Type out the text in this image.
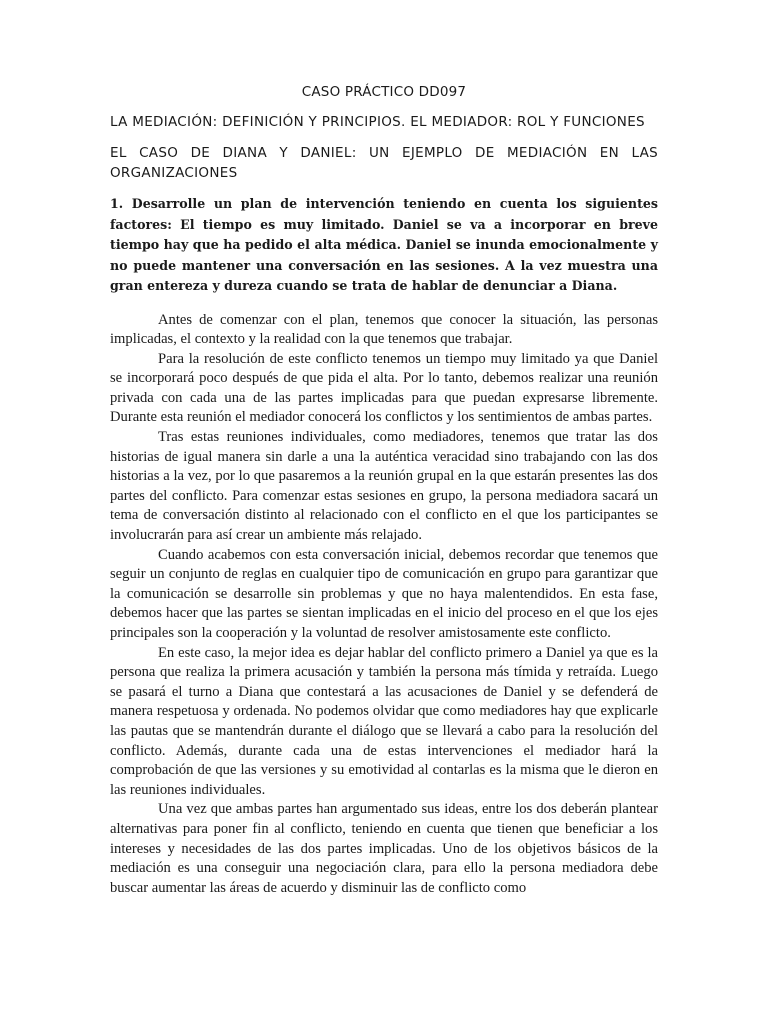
CASO PRÁCTICO DD097

LA MEDIACIÓN: DEFINICIÓN Y PRINCIPIOS. EL MEDIADOR: ROL Y FUNCIONES

EL CASO DE DIANA Y DANIEL: UN EJEMPLO DE MEDIACIÓN EN LAS ORGANIZACIONES

1. Desarrolle un plan de intervención teniendo en cuenta los siguientes factores: El tiempo es muy limitado. Daniel se va a incorporar en breve tiempo hay que ha pedido el alta médica. Daniel se inunda emocionalmente y no puede mantener una conversación en las sesiones. A la vez muestra una gran entereza y dureza cuando se trata de hablar de denunciar a Diana.

Antes de comenzar con el plan, tenemos que conocer la situación, las personas implicadas, el contexto y la realidad con la que tenemos que trabajar.

Para la resolución de este conflicto tenemos un tiempo muy limitado ya que Daniel se incorporará poco después de que pida el alta. Por lo tanto, debemos realizar una reunión privada con cada una de las partes implicadas para que puedan expresarse libremente. Durante esta reunión el mediador conocerá los conflictos y los sentimientos de ambas partes.

Tras estas reuniones individuales, como mediadores, tenemos que tratar las dos historias de igual manera sin darle a una la auténtica veracidad sino trabajando con las dos historias a la vez, por lo que pasaremos a la reunión grupal en la que estarán presentes las dos partes del conflicto. Para comenzar estas sesiones en grupo, la persona mediadora sacará un tema de conversación distinto al relacionado con el conflicto en el que los participantes se involucrarán para así crear un ambiente más relajado.

Cuando acabemos con esta conversación inicial, debemos recordar que tenemos que seguir un conjunto de reglas en cualquier tipo de comunicación en grupo para garantizar que la comunicación se desarrolle sin problemas y que no haya malentendidos. En esta fase, debemos hacer que las partes se sientan implicadas en el inicio del proceso en el que los ejes principales son la cooperación y la voluntad de resolver amistosamente este conflicto.

En este caso, la mejor idea es dejar hablar del conflicto primero a Daniel ya que es la persona que realiza la primera acusación y también la persona más tímida y retraída. Luego se pasará el turno a Diana que contestará a las acusaciones de Daniel y se defenderá de manera respetuosa y ordenada. No podemos olvidar que como mediadores hay que explicarle las pautas que se mantendrán durante el diálogo que se llevará a cabo para la resolución del conflicto. Además, durante cada una de estas intervenciones el mediador hará la comprobación de que las versiones y su emotividad al contarlas es la misma que le dieron en las reuniones individuales.

Una vez que ambas partes han argumentado sus ideas, entre los dos deberán plantear alternativas para poner fin al conflicto, teniendo en cuenta que tienen que beneficiar a los intereses y necesidades de las dos partes implicadas. Uno de los objetivos básicos de la mediación es una conseguir una negociación clara, para ello la persona mediadora debe buscar aumentar las áreas de acuerdo y disminuir las de conflicto como
